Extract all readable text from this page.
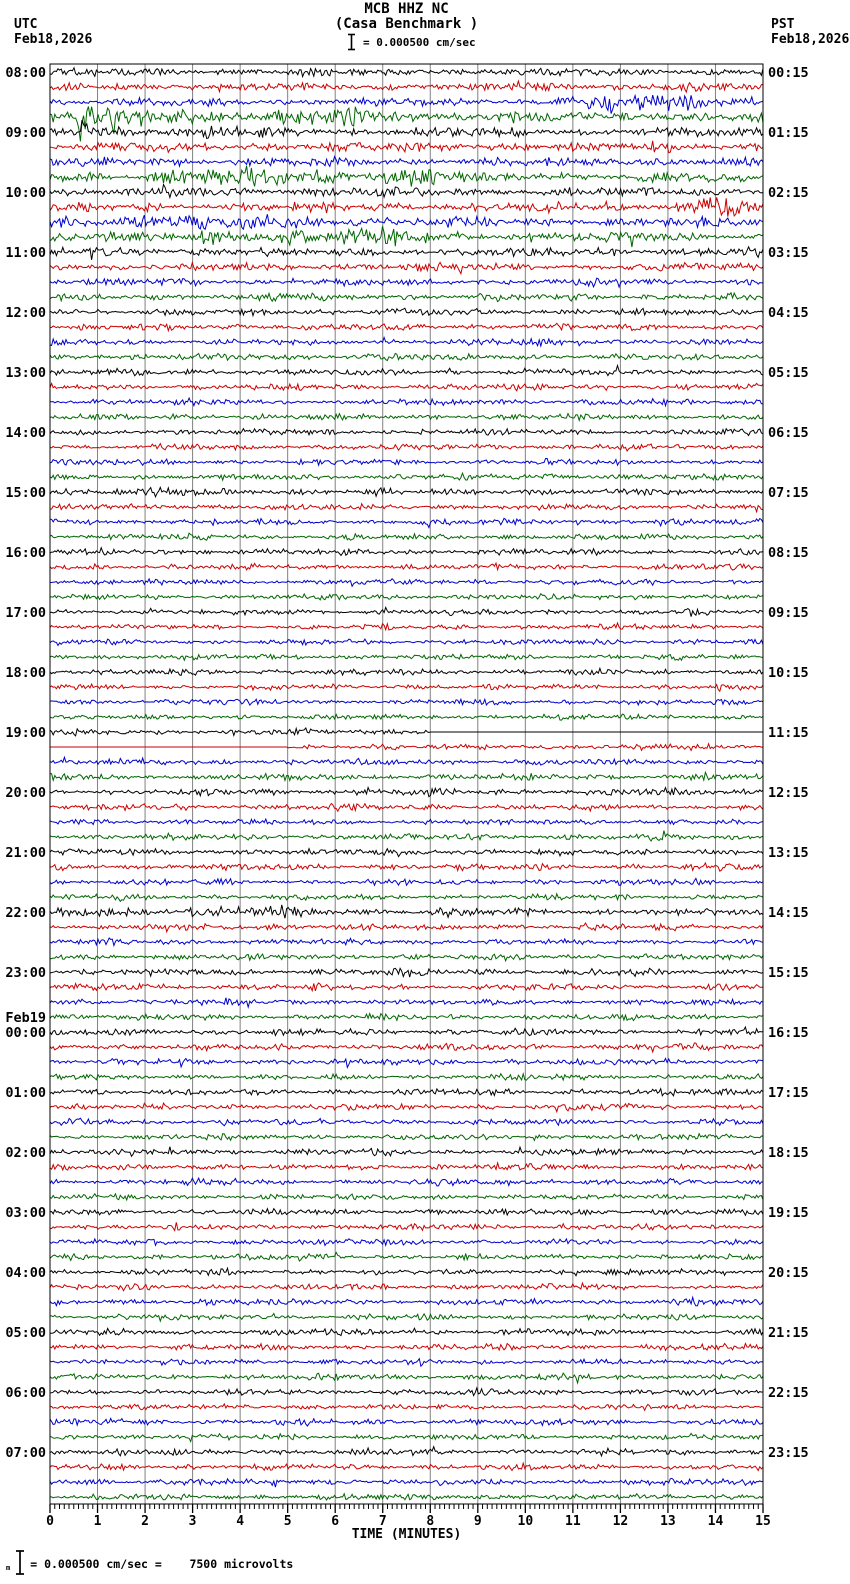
MCB HHZ NC
(Casa Benchmark )
= 0.000500 cm/sec
UTC
Feb18,2026
PST
Feb18,2026
0	1	2	3	4	5	6	7	8	9	10 11 12 13 14 15
TIME (MINUTES)
08:00
09:00
10:00
11:00
12:00
13:00
14:00
15:00
16:00
17:00
18:00
19:00
20:00
21:00
22:00
23:00
00:00
01:00
02:00
03:00
04:00
05:00
06:00
07:00
Feb19
00:15
01:15
02:15
03:15
04:15
05:15
06:15
07:15
08:15
09:15
10:15
11:15
12:15
13:15
14:15
15:15
16:15
17:15
18:15
19:15
20:15
21:15
22:15
23:15
m = 0.000500 cm/sec =    7500 microvolts
